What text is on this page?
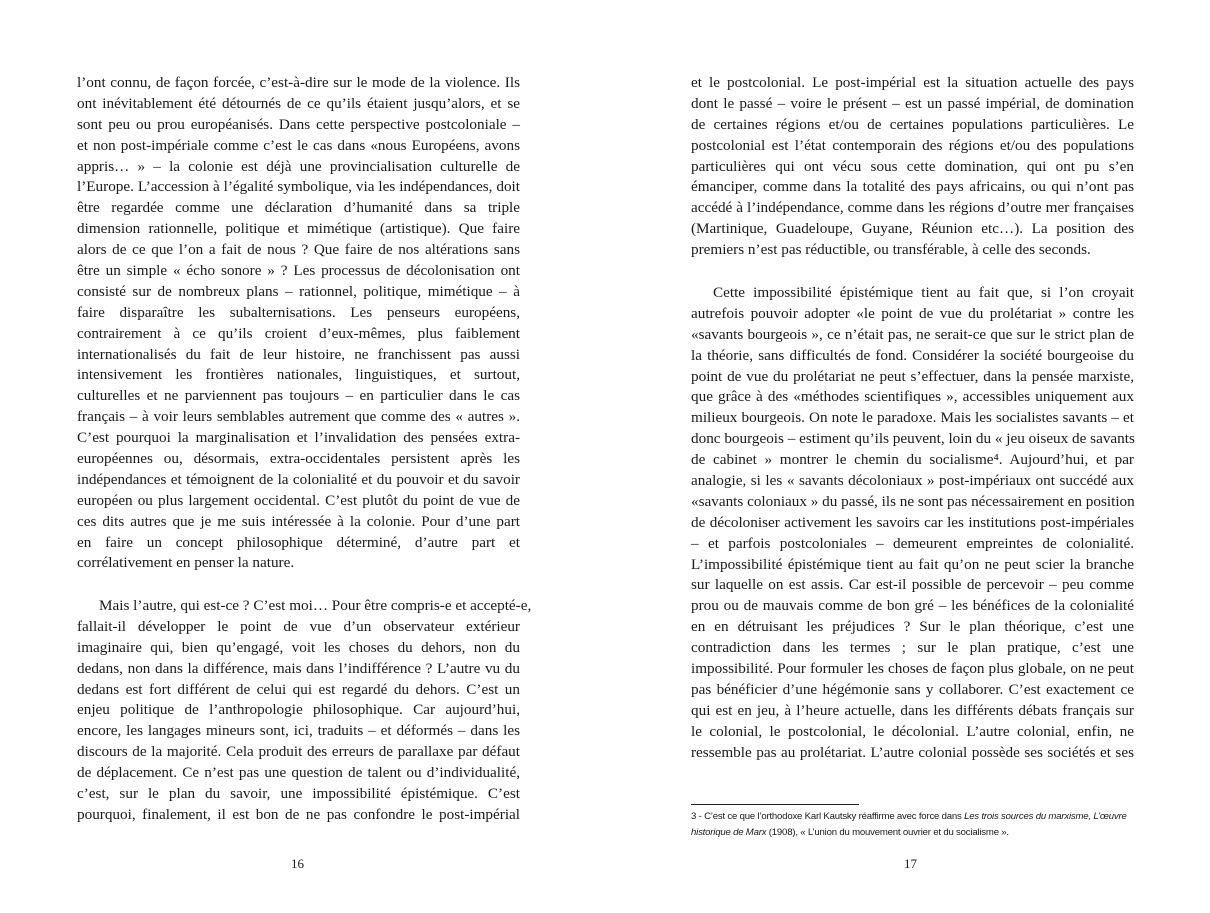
l’ont connu, de façon forcée, c’est-à-dire sur le mode de la violence. Ils
ont inévitablement été détournés de ce qu’ils étaient jusqu’alors, et se
sont peu ou prou européanisés. Dans cette perspective postcoloniale –
et non post-impériale comme c’est le cas dans «nous Européens, avons
appris… » – la colonie est déjà une provincialisation culturelle de
l’Europe. L’accession à l’égalité symbolique, via les indépendances, doit
être regardée comme une déclaration d’humanité dans sa triple
dimension rationnelle, politique et mimétique (artistique). Que faire
alors de ce que l’on a fait de nous ? Que faire de nos altérations sans
être un simple « écho sonore » ? Les processus de décolonisation ont
consisté sur de nombreux plans – rationnel, politique, mimétique – à
faire disparaître les subalternisations. Les penseurs européens,
contrairement à ce qu’ils croient d’eux-mêmes, plus faiblement
internationalisés du fait de leur histoire, ne franchissent pas aussi
intensivement les frontières nationales, linguistiques, et surtout,
culturelles et ne parviennent pas toujours – en particulier dans le cas
français – à voir leurs semblables autrement que comme des « autres ».
C’est pourquoi la marginalisation et l’invalidation des pensées extra-
européennes ou, désormais, extra-occidentales persistent après les
indépendances et témoignent de la colonialité et du pouvoir et du savoir
européen ou plus largement occidental. C’est plutôt du point de vue de
ces dits autres que je me suis intéressée à la colonie. Pour d’une part
en faire un concept philosophique déterminé, d’autre part et
corrélativement en penser la nature.
Mais l’autre, qui est-ce ? C’est moi… Pour être compris-e et accepté-e,
fallait-il développer le point de vue d’un observateur extérieur
imaginaire qui, bien qu’engagé, voit les choses du dehors, non du
dedans, non dans la différence, mais dans l’indifférence ? L’autre vu du
dedans est fort différent de celui qui est regardé du dehors. C’est un
enjeu politique de l’anthropologie philosophique. Car aujourd’hui,
encore, les langages mineurs sont, ici, traduits – et déformés – dans les
discours de la majorité. Cela produit des erreurs de parallaxe par défaut
de déplacement. Ce n’est pas une question de talent ou d’individualité,
c’est, sur le plan du savoir, une impossibilité épistémique. C’est
pourquoi, finalement, il est bon de ne pas confondre le post-impérial
16
et le postcolonial. Le post-impérial est la situation actuelle des pays
dont le passé – voire le présent – est un passé impérial, de domination
de certaines régions et/ou de certaines populations particulières. Le
postcolonial est l’état contemporain des régions et/ou des populations
particulières qui ont vécu sous cette domination, qui ont pu s’en
émanciper, comme dans la totalité des pays africains, ou qui n’ont pas
accédé à l’indépendance, comme dans les régions d’outre mer françaises
(Martinique, Guadeloupe, Guyane, Réunion etc…). La position des
premiers n’est pas réductible, ou transférable, à celle des seconds.
Cette impossibilité épistémique tient au fait que, si l’on croyait
autrefois pouvoir adopter «le point de vue du prolétariat » contre les
«savants bourgeois », ce n’était pas, ne serait-ce que sur le strict plan de
la théorie, sans difficultés de fond. Considérer la société bourgeoise du
point de vue du prolétariat ne peut s’effectuer, dans la pensée marxiste,
que grâce à des «méthodes scientifiques », accessibles uniquement aux
milieux bourgeois. On note le paradoxe. Mais les socialistes savants – et
donc bourgeois – estiment qu’ils peuvent, loin du « jeu oiseux de savants
de cabinet » montrer le chemin du socialisme⁴. Aujourd’hui, et par
analogie, si les « savants décoloniaux » post-impériaux ont succédé aux
«savants coloniaux » du passé, ils ne sont pas nécessairement en position
de décoloniser activement les savoirs car les institutions post-impériales
– et parfois postcoloniales – demeurent empreintes de colonialité.
L’impossibilité épistémique tient au fait qu’on ne peut scier la branche
sur laquelle on est assis. Car est-il possible de percevoir – peu comme
prou ou de mauvais comme de bon gré – les bénéfices de la colonialité
en en détruisant les préjudices ? Sur le plan théorique, c’est une
contradiction dans les termes ; sur le plan pratique, c’est une
impossibilité. Pour formuler les choses de façon plus globale, on ne peut
pas bénéficier d’une hégémonie sans y collaborer. C’est exactement ce
qui est en jeu, à l’heure actuelle, dans les différents débats français sur
le colonial, le postcolonial, le décolonial. L’autre colonial, enfin, ne
ressemble pas au prolétariat. L’autre colonial possède ses sociétés et ses
17
3 - C’est ce que l’orthodoxe Karl Kautsky réaffirme avec force dans Les trois sources du marxisme, L’œuvre historique de Marx (1908), « L’union du mouvement ouvrier et du socialisme ».
